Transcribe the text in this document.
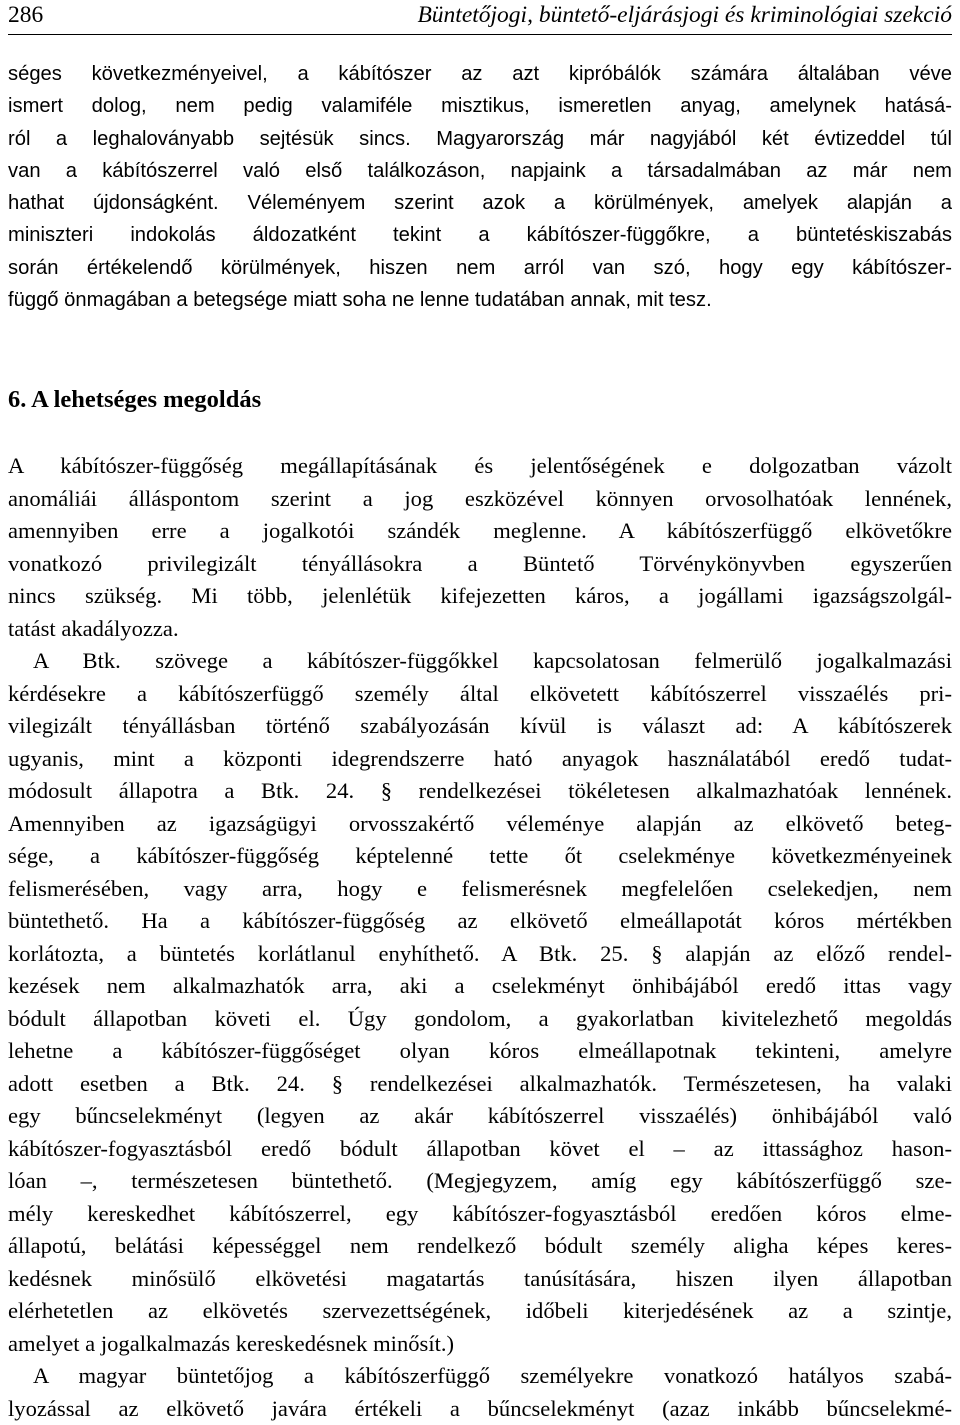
286	Büntetőjogi, büntető-eljárásjogi és kriminológiai szekció
séges következményeivel, a kábítószer az azt kipróbálók számára általában véve
ismert dolog, nem pedig valamiféle misztikus, ismeretlen anyag, amelynek hatásá-
ról a leghaloványabb sejtésük sincs. Magyarország már nagyjából két évtizeddel túl
van a kábítószerrel való első találkozáson, napjaink a társadalmában az már nem
hathat újdonságként. Véleményem szerint azok a körülmények, amelyek alapján a
miniszteri indokolás áldozatként tekint a kábítószer-függőkre, a büntetéskiszabás
során értékelendő körülmények, hiszen nem arról van szó, hogy egy kábítószer-
függő önmagában a betegsége miatt soha ne lenne tudatában annak, mit tesz.
6. A lehetséges megoldás
A kábítószer-függőség megállapításának és jelentőségének e dolgozatban vázolt
anomáliái álláspontom szerint a jog eszközével könnyen orvosolhatóak lennének,
amennyiben erre a jogalkotói szándék meglenne. A kábítószerfüggő elkövetőkre
vonatkozó privilegizált tényállásokra a Büntető Törvénykönyvben egyszerűen
nincs szükség. Mi több, jelenlétük kifejezetten káros, a jogállami igazságszolgál-
tatást akadályozza.
A Btk. szövege a kábítószer-függőkkel kapcsolatosan felmerülő jogalkalmazási
kérdésekre a kábítószerfüggő személy által elkövetett kábítószerrel visszaélés pri-
vilegizált tényállásban történő szabályozásán kívül is választ ad: A kábítószerek
ugyanis, mint a központi idegrendszerre ható anyagok használatából eredő tudat-
módosult állapotra a Btk. 24. § rendelkezései tökéletesen alkalmazhatóak lennének.
Amennyiben az igazságügyi orvosszakértő véleménye alapján az elkövető beteg-
sége, a kábítószer-függőség képtelenné tette őt cselekménye következményeinek
felismerésében, vagy arra, hogy e felismerésnek megfelelően cselekedjen, nem
büntethető. Ha a kábítószer-függőség az elkövető elmeállapotát kóros mértékben
korlátozta, a büntetés korlátlanul enyhíthető. A Btk. 25. § alapján az előző rendel-
kezések nem alkalmazhatók arra, aki a cselekményt önhibájából eredő ittas vagy
bódult állapotban követi el. Úgy gondolom, a gyakorlatban kivitelezhető megoldás
lehetne a kábítószer-függőséget olyan kóros elmeállapotnak tekinteni, amelyre
adott esetben a Btk. 24. § rendelkezései alkalmazhatók. Természetesen, ha valaki
egy bűncselekményt (legyen az akár kábítószerrel visszaélés) önhibájából való
kábítószer-fogyasztásból eredő bódult állapotban követ el – az ittassághoz hason-
lóan –, természetesen büntethető. (Megjegyzem, amíg egy kábítószerfüggő sze-
mély kereskedhet kábítószerrel, egy kábítószer-fogyasztásból eredően kóros elme-
állapotú, belátási képességgel nem rendelkező bódult személy aligha képes keres-
kedésnek minősülő elkövetési magatartás tanúsítására, hiszen ilyen állapotban
elérhetetlen az elkövetés szervezettségének, időbeli kiterjedésének az a szintje,
amelyet a jogalkalmazás kereskedésnek minősít.)
A magyar büntetőjog a kábítószerfüggő személyekre vonatkozó hatályos szabá-
lyozással az elkövető javára értékeli a bűncselekményt (azaz inkább bűncselekmé-
